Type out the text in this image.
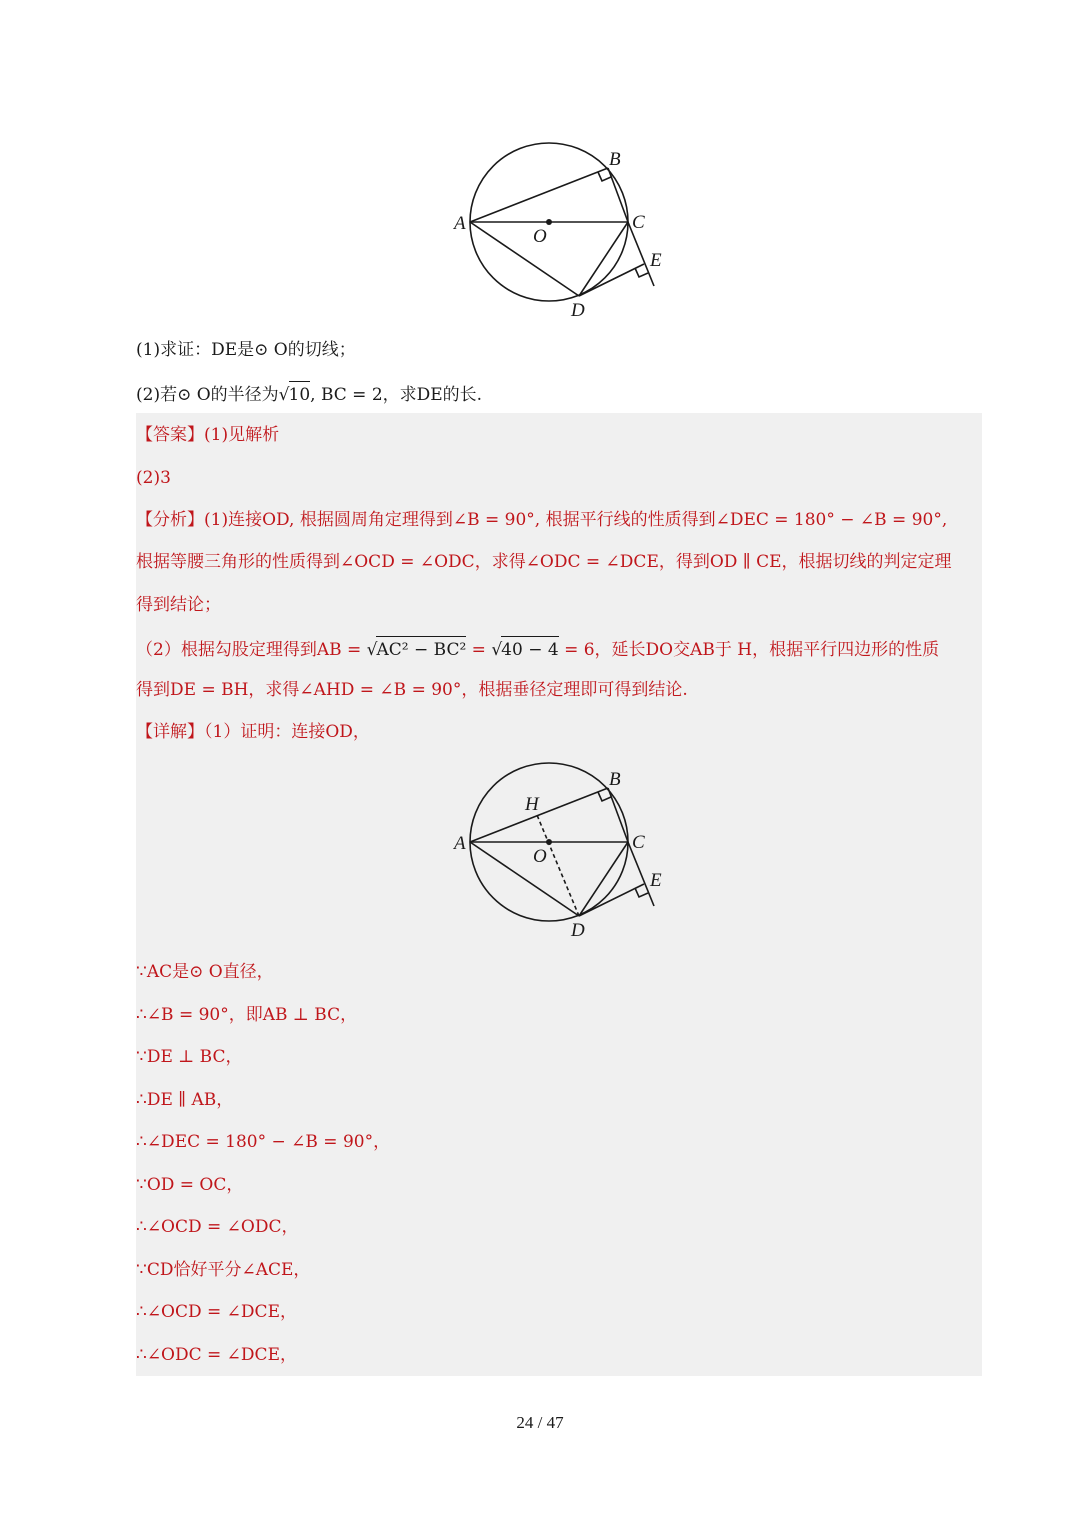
A
B
C
D
E
O
(1)求证：DE是⊙ O的切线；
(2)若⊙ O的半径为√10, BC = 2，求DE的长.
【答案】(1)见解析
(2)3
【分析】(1)连接OD, 根据圆周角定理得到∠B = 90°, 根据平行线的性质得到∠DEC = 180° − ∠B = 90°,
根据等腰三角形的性质得到∠OCD = ∠ODC，求得∠ODC = ∠DCE，得到OD ∥ CE，根据切线的判定定理
得到结论；
（2）根据勾股定理得到AB = √AC² − BC² = √40 − 4 = 6，延长DO交AB于 H，根据平行四边形的性质
得到DE = BH，求得∠AHD = ∠B = 90°，根据垂径定理即可得到结论.
【详解】（1）证明：连接OD，
A
B
C
D
E
O
H
∵AC是⊙ O直径，
∴∠B = 90°，即AB ⊥ BC，
∵DE ⊥ BC，
∴DE ∥ AB，
∴∠DEC = 180° − ∠B = 90°，
∵OD = OC，
∴∠OCD = ∠ODC，
∵CD恰好平分∠ACE，
∴∠OCD = ∠DCE，
∴∠ODC = ∠DCE，
24 / 47
